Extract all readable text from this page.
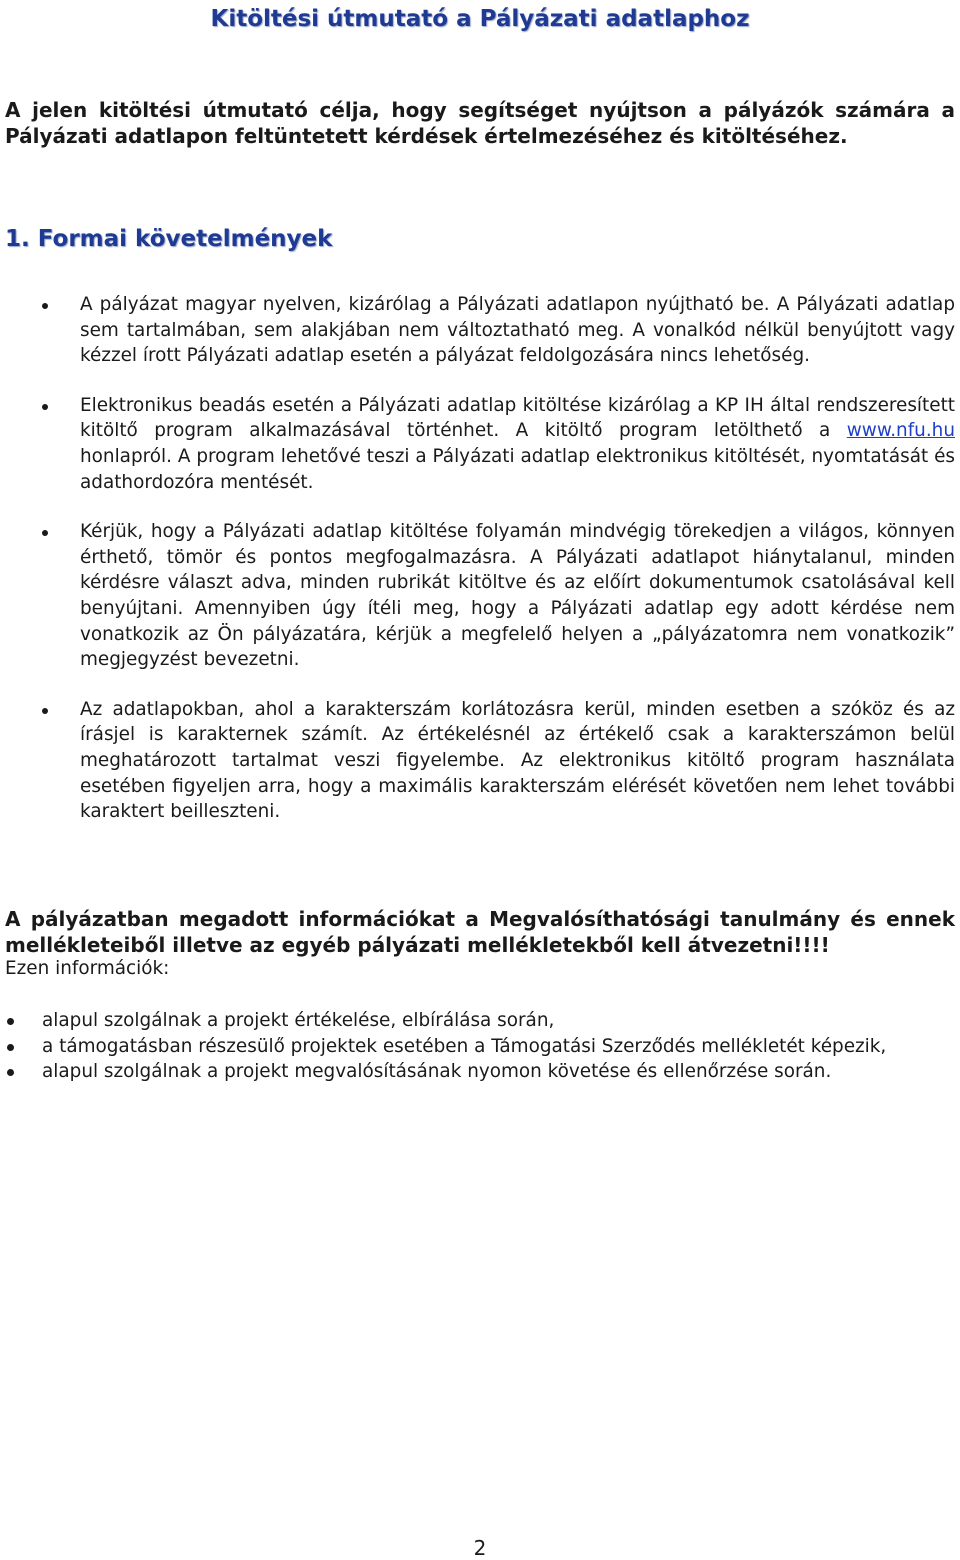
Kitöltési útmutató a Pályázati adatlaphoz

A jelen kitöltési útmutató célja, hogy segítséget nyújtson a pályázók számára a Pályázati adatlapon feltüntetett kérdések értelmezéséhez és kitöltéséhez.

1. Formai követelmények
A pályázat magyar nyelven, kizárólag a Pályázati adatlapon nyújtható be. A Pályázati adatlap sem tartalmában, sem alakjában nem változtatható meg. A vonalkód nélkül benyújtott vagy kézzel írott Pályázati adatlap esetén a pályázat feldolgozására nincs lehetőség.
Elektronikus beadás esetén a Pályázati adatlap kitöltése kizárólag a KP IH által rendszeresített kitöltő program alkalmazásával történhet. A kitöltő program letölthető a www.nfu.hu honlapról. A program lehetővé teszi a Pályázati adatlap elektronikus kitöltését, nyomtatását és adathordozóra mentését.
Kérjük, hogy a Pályázati adatlap kitöltése folyamán mindvégig törekedjen a világos, könnyen érthető, tömör és pontos megfogalmazásra. A Pályázati adatlapot hiánytalanul, minden kérdésre választ adva, minden rubrikát kitöltve és az előírt dokumentumok csatolásával kell benyújtani. Amennyiben úgy ítéli meg, hogy a Pályázati adatlap egy adott kérdése nem vonatkozik az Ön pályázatára, kérjük a megfelelő helyen a „pályázatomra nem vonatkozik” megjegyzést bevezetni.
Az adatlapokban, ahol a karakterszám korlátozásra kerül, minden esetben a szóköz és az írásjel is karakternek számít. Az értékelésnél az értékelő csak a karakterszámon belül meghatározott tartalmat veszi figyelembe. Az elektronikus kitöltő program használata esetében figyeljen arra, hogy a maximális karakterszám elérését követően nem lehet további karaktert beilleszteni.

A pályázatban megadott információkat a Megvalósíthatósági tanulmány és ennek mellékleteiből illetve az egyéb pályázati mellékletekből kell átvezetni!!!!

Ezen információk:

alapul szolgálnak a projekt értékelése, elbírálása során,
a támogatásban részesülő projektek esetében a Támogatási Szerződés mellékletét képezik,
alapul szolgálnak a projekt megvalósításának nyomon követése és ellenőrzése során.

2
